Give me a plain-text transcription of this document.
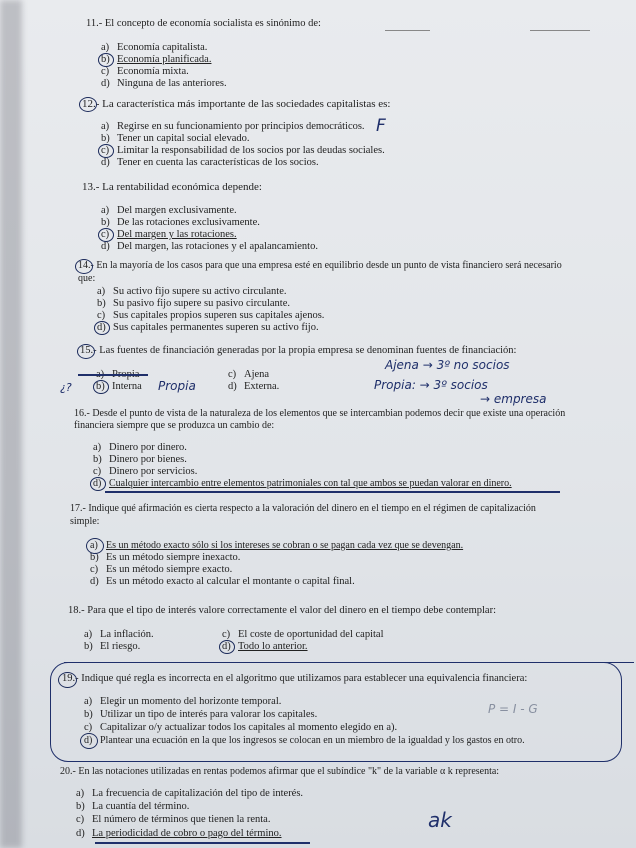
11.- El concepto de economía socialista es sinónimo de:
a) Economía capitalista.
b) Economía planificada.
c) Economía mixta.
d) Ninguna de las anteriores.
12.- La característica más importante de las sociedades capitalistas es:
a) Regirse en su funcionamiento por principios democráticos.
b) Tener un capital social elevado.
c) Limitar la responsabilidad de los socios por las deudas sociales.
d) Tener en cuenta las características de los socios.
F
13.- La rentabilidad económica depende:
a) Del margen exclusivamente.
b) De las rotaciones exclusivamente.
c) Del margen y las rotaciones.
d) Del margen, las rotaciones y el apalancamiento.
14.- En la mayoría de los casos para que una empresa esté en equilibrio desde un punto de vista financiero será necesario
que:
a) Su activo fijo supere su activo circulante.
b) Su pasivo fijo supere su pasivo circulante.
c) Sus capitales propios superen sus capitales ajenos.
d) Sus capitales permanentes superen su activo fijo.
15.- Las fuentes de financiación generadas por la propia empresa se denominan fuentes de financiación:
b) Interna
c) Ajena
d) Externa.
¿?	Propia
Ajena → 3º no socios
Propia: → 3º socios
→ empresa
16.- Desde el punto de vista de la naturaleza de los elementos que se intercambian podemos decir que existe una operación
financiera siempre que se produzca un cambio de:
a) Dinero por dinero.
b) Dinero por bienes.
c) Dinero por servicios.
d) Cualquier intercambio entre elementos patrimoniales con tal que ambos se puedan valorar en dinero.
17.- Indique qué afirmación es cierta respecto a la valoración del dinero en el tiempo en el régimen de capitalización
simple:
a) Es un método exacto sólo si los intereses se cobran o se pagan cada vez que se devengan.
b) Es un método siempre inexacto.
c) Es un método siempre exacto.
d) Es un método exacto al calcular el montante o capital final.
18.- Para que el tipo de interés valore correctamente el valor del dinero en el tiempo debe contemplar:
a) La inflación.
b) El riesgo.
c) El coste de oportunidad del capital
d) Todo lo anterior.
19.- Indique qué regla es incorrecta en el algoritmo que utilizamos para establecer una equivalencia financiera:
a) Elegir un momento del horizonte temporal.
b) Utilizar un tipo de interés para valorar los capitales.
c) Capitalizar o/y actualizar todos los capitales al momento elegido en a).
d) Plantear una ecuación en la que los ingresos se colocan en un miembro de la igualdad y los gastos en otro.
P = I - G
20.- En las notaciones utilizadas en rentas podemos afirmar que el subíndice "k" de la variable α k representa:
a) La frecuencia de capitalización del tipo de interés.
b) La cuantía del término.
c) El número de términos que tienen la renta.
d) La periodicidad de cobro o pago del término.
ak
